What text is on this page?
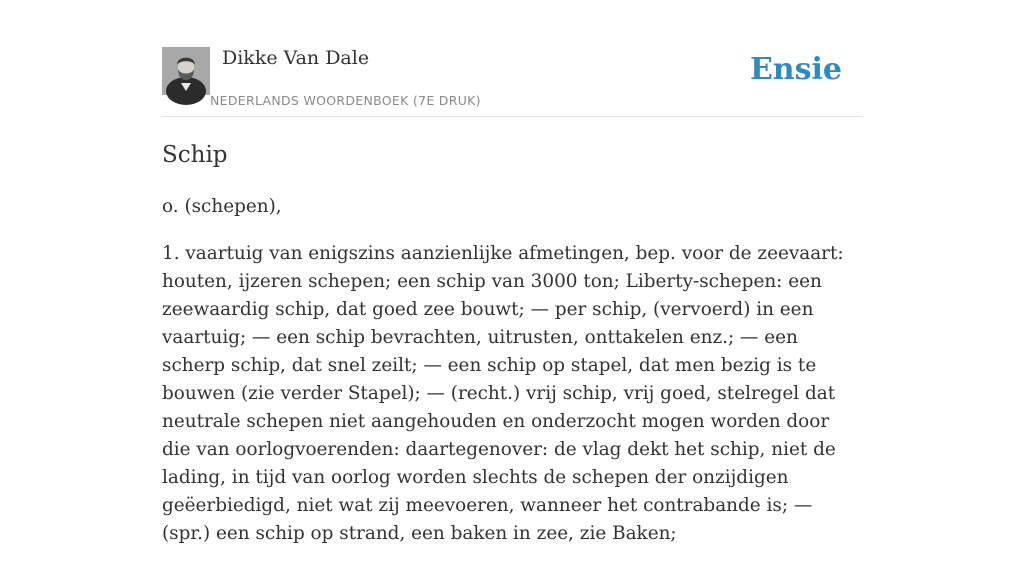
Dikke Van Dale
NEDERLANDS WOORDENBOEK (7E DRUK)
Ensie
Schip

o. (schepen),

1. vaartuig van enigszins aanzienlijke afmetingen, bep. voor de zeevaart: houten, ijzeren schepen; een schip van 3000 ton; Liberty-schepen: een zeewaardig schip, dat goed zee bouwt; — per schip, (vervoerd) in een vaartuig; — een schip bevrachten, uitrusten, onttakelen enz.; — een scherp schip, dat snel zeilt; — een schip op stapel, dat men bezig is te bouwen (zie verder Stapel); — (recht.) vrij schip, vrij goed, stelregel dat neutrale schepen niet aangehouden en onderzocht mogen worden door die van oorlogvoerenden: daartegenover: de vlag dekt het schip, niet de lading, in tijd van oorlog worden slechts de schepen der onzijdigen geëerbiedigd, niet wat zij meevoeren, wanneer het contrabande is; — (spr.) een schip op strand, een baken in zee, zie Baken;
